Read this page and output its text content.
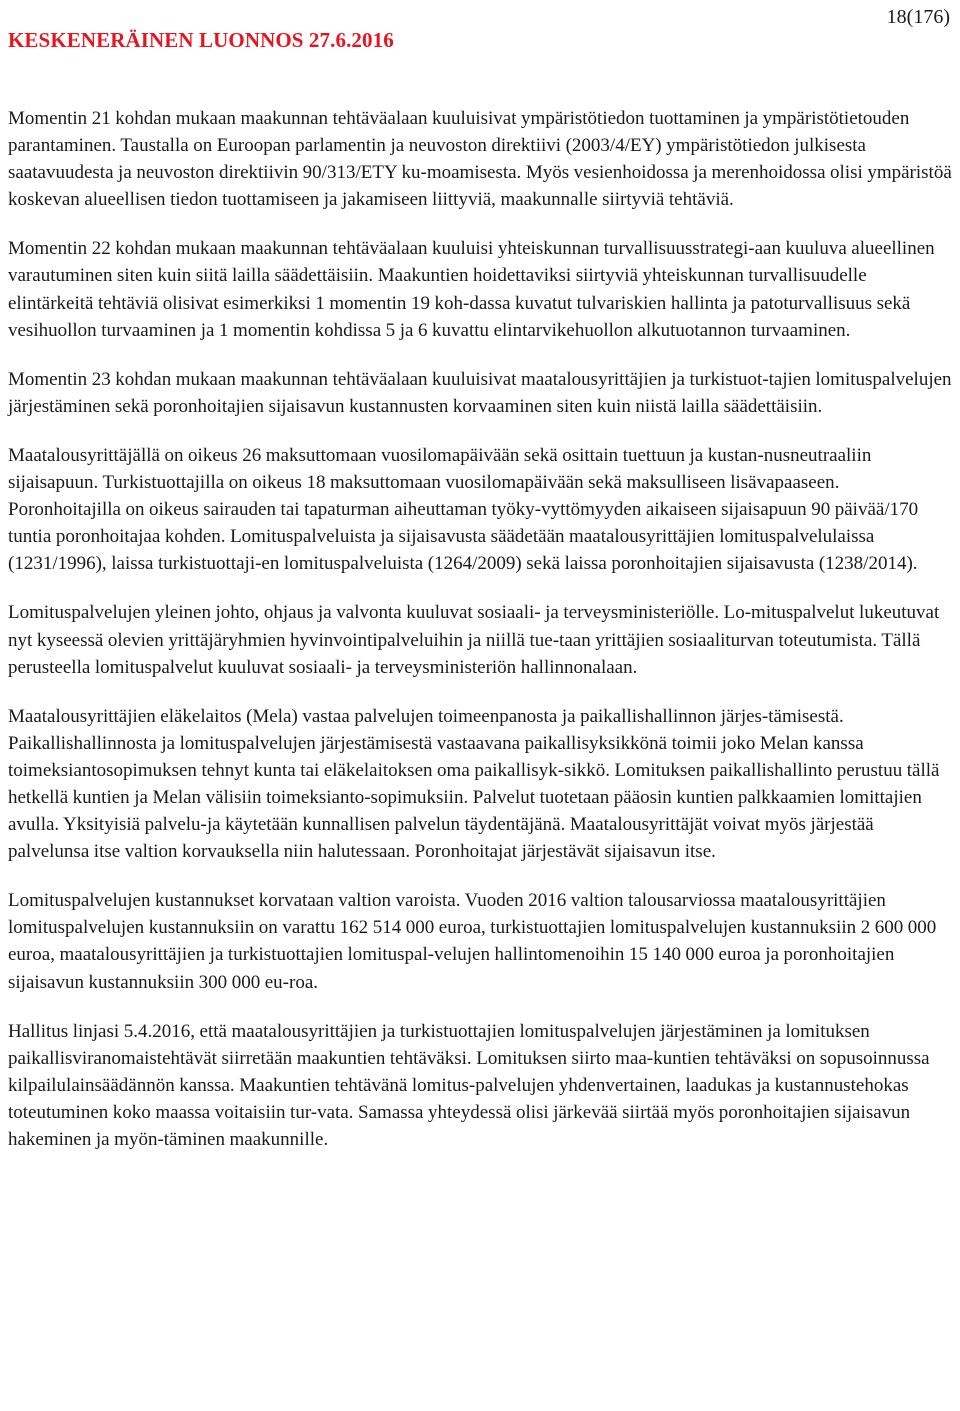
KESKENERÄINEN LUONNOS 27.6.2016
18(176)

Momentin 21 kohdan mukaan maakunnan tehtäväalaan kuuluisivat ympäristötiedon tuottaminen ja ympäristötietouden parantaminen. Taustalla on Euroopan parlamentin ja neuvoston direktiivi (2003/4/EY) ympäristötiedon julkisesta saatavuudesta ja neuvoston direktiivin 90/313/ETY ku-moamisesta. Myös vesienhoidossa ja merenhoidossa olisi ympäristöä koskevan alueellisen tiedon tuottamiseen ja jakamiseen liittyviä, maakunnalle siirtyviä tehtäviä.

Momentin 22 kohdan mukaan maakunnan tehtäväalaan kuuluisi yhteiskunnan turvallisuusstrategi-aan kuuluva alueellinen varautuminen siten kuin siitä lailla säädettäisiin. Maakuntien hoidettaviksi siirtyviä yhteiskunnan turvallisuudelle elintärkeitä tehtäviä olisivat esimerkiksi 1 momentin 19 koh-dassa kuvatut tulvariskien hallinta ja patoturvallisuus sekä vesihuollon turvaaminen ja 1 momentin kohdissa 5 ja 6 kuvattu elintarvikehuollon alkutuotannon turvaaminen.

Momentin 23 kohdan mukaan maakunnan tehtäväalaan kuuluisivat maatalousyrittäjien ja turkistuot-tajien lomituspalvelujen järjestäminen sekä poronhoitajien sijaisavun kustannusten korvaaminen siten kuin niistä lailla säädettäisiin.

Maatalousyrittäjällä on oikeus 26 maksuttomaan vuosilomapäivään sekä osittain tuettuun ja kustan-nusneutraaliin sijaisapuun. Turkistuottajilla on oikeus 18 maksuttomaan vuosilomapäivään sekä maksulliseen lisävapaaseen. Poronhoitajilla on oikeus sairauden tai tapaturman aiheuttaman työky-vyttömyyden aikaiseen sijaisapuun 90 päivää/170 tuntia poronhoitajaa kohden. Lomituspalveluista ja sijaisavusta säädetään maatalousyrittäjien lomituspalvelulaissa (1231/1996), laissa turkistuottaji-en lomituspalveluista (1264/2009) sekä laissa poronhoitajien sijaisavusta (1238/2014).

Lomituspalvelujen yleinen johto, ohjaus ja valvonta kuuluvat sosiaali- ja terveysministeriölle. Lo-mituspalvelut lukeutuvat nyt kyseessä olevien yrittäjäryhmien hyvinvointipalveluihin ja niillä tue-taan yrittäjien sosiaaliturvan toteutumista. Tällä perusteella lomituspalvelut kuuluvat sosiaali- ja terveysministeriön hallinnonalaan.

Maatalousyrittäjien eläkelaitos (Mela) vastaa palvelujen toimeenpanosta ja paikallishallinnon järjes-tämisestä. Paikallishallinnosta ja lomituspalvelujen järjestämisestä vastaavana paikallisyksikkönä toimii joko Melan kanssa toimeksiantosopimuksen tehnyt kunta tai eläkelaitoksen oma paikallisyk-sikkö. Lomituksen paikallishallinto perustuu tällä hetkellä kuntien ja Melan välisiin toimeksianto-sopimuksiin. Palvelut tuotetaan pääosin kuntien palkkaamien lomittajien avulla. Yksityisiä palvelu-ja käytetään kunnallisen palvelun täydentäjänä. Maatalousyrittäjät voivat myös järjestää palvelunsa itse valtion korvauksella niin halutessaan. Poronhoitajat järjestävät sijaisavun itse.

Lomituspalvelujen kustannukset korvataan valtion varoista. Vuoden 2016 valtion talousarviossa maatalousyrittäjien lomituspalvelujen kustannuksiin on varattu 162 514 000 euroa, turkistuottajien lomituspalvelujen kustannuksiin 2 600 000 euroa, maatalousyrittäjien ja turkistuottajien lomituspal-velujen hallintomenoihin 15 140 000 euroa ja poronhoitajien sijaisavun kustannuksiin 300 000 eu-roa.

Hallitus linjasi 5.4.2016, että maatalousyrittäjien ja turkistuottajien lomituspalvelujen järjestäminen ja lomituksen paikallisviranomaistehtävät siirretään maakuntien tehtäväksi. Lomituksen siirto maa-kuntien tehtäväksi on sopusoinnussa kilpailulainsäädännön kanssa. Maakuntien tehtävänä lomitus-palvelujen yhdenvertainen, laadukas ja kustannustehokas toteutuminen koko maassa voitaisiin tur-vata. Samassa yhteydessä olisi järkevää siirtää myös poronhoitajien sijaisavun hakeminen ja myön-täminen maakunnille.
